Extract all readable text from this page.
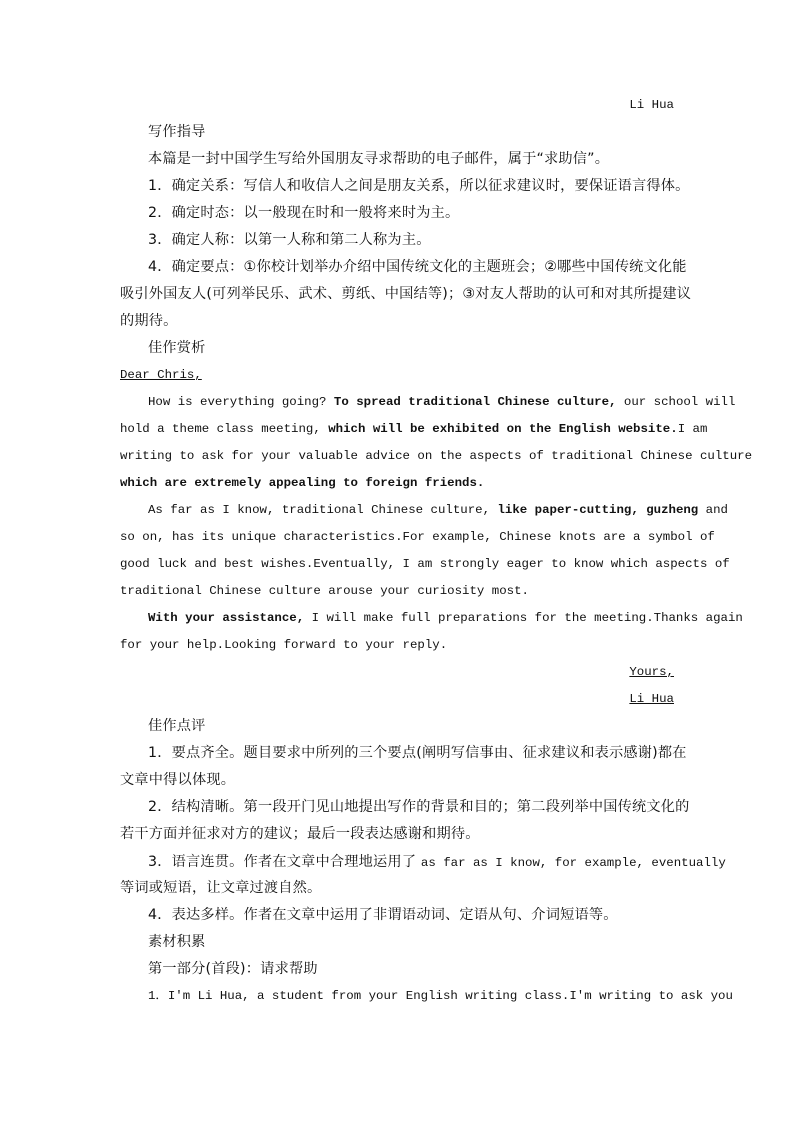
Li Hua
写作指导
本篇是一封中国学生写给外国朋友寻求帮助的电子邮件，属于“求助信”。
1．确定关系：写信人和收信人之间是朋友关系，所以征求建议时，要保证语言得体。
2．确定时态：以一般现在时和一般将来时为主。
3．确定人称：以第一人称和第二人称为主。
4．确定要点：①你校计划举办介绍中国传统文化的主题班会；②哪些中国传统文化能
吸引外国友人(可列举民乐、武术、剪纸、中国结等)；③对友人帮助的认可和对其所提建议
的期待。
佳作赏析
Dear Chris,
How is everything going? To spread traditional Chinese culture, our school will
hold a theme class meeting, which will be exhibited on the English website.I am
writing to ask for your valuable advice on the aspects of traditional Chinese culture
which are extremely appealing to foreign friends.
As far as I know, traditional Chinese culture, like paper-cutting, guzheng and
so on, has its unique characteristics.For example, Chinese knots are a symbol of
good luck and best wishes.Eventually, I am strongly eager to know which aspects of
traditional Chinese culture arouse your curiosity most.
With your assistance, I will make full preparations for the meeting.Thanks again
for your help.Looking forward to your reply.
Yours,
Li Hua
佳作点评
1．要点齐全。题目要求中所列的三个要点(阐明写信事由、征求建议和表示感谢)都在
文章中得以体现。
2．结构清晰。第一段开门见山地提出写作的背景和目的；第二段列举中国传统文化的
若干方面并征求对方的建议；最后一段表达感谢和期待。
3．语言连贯。作者在文章中合理地运用了 as far as I know, for example, eventually
等词或短语，让文章过渡自然。
4．表达多样。作者在文章中运用了非谓语动词、定语从句、介词短语等。
素材积累
第一部分(首段)：请求帮助
1．I'm Li Hua, a student from your English writing class.I'm writing to ask you
